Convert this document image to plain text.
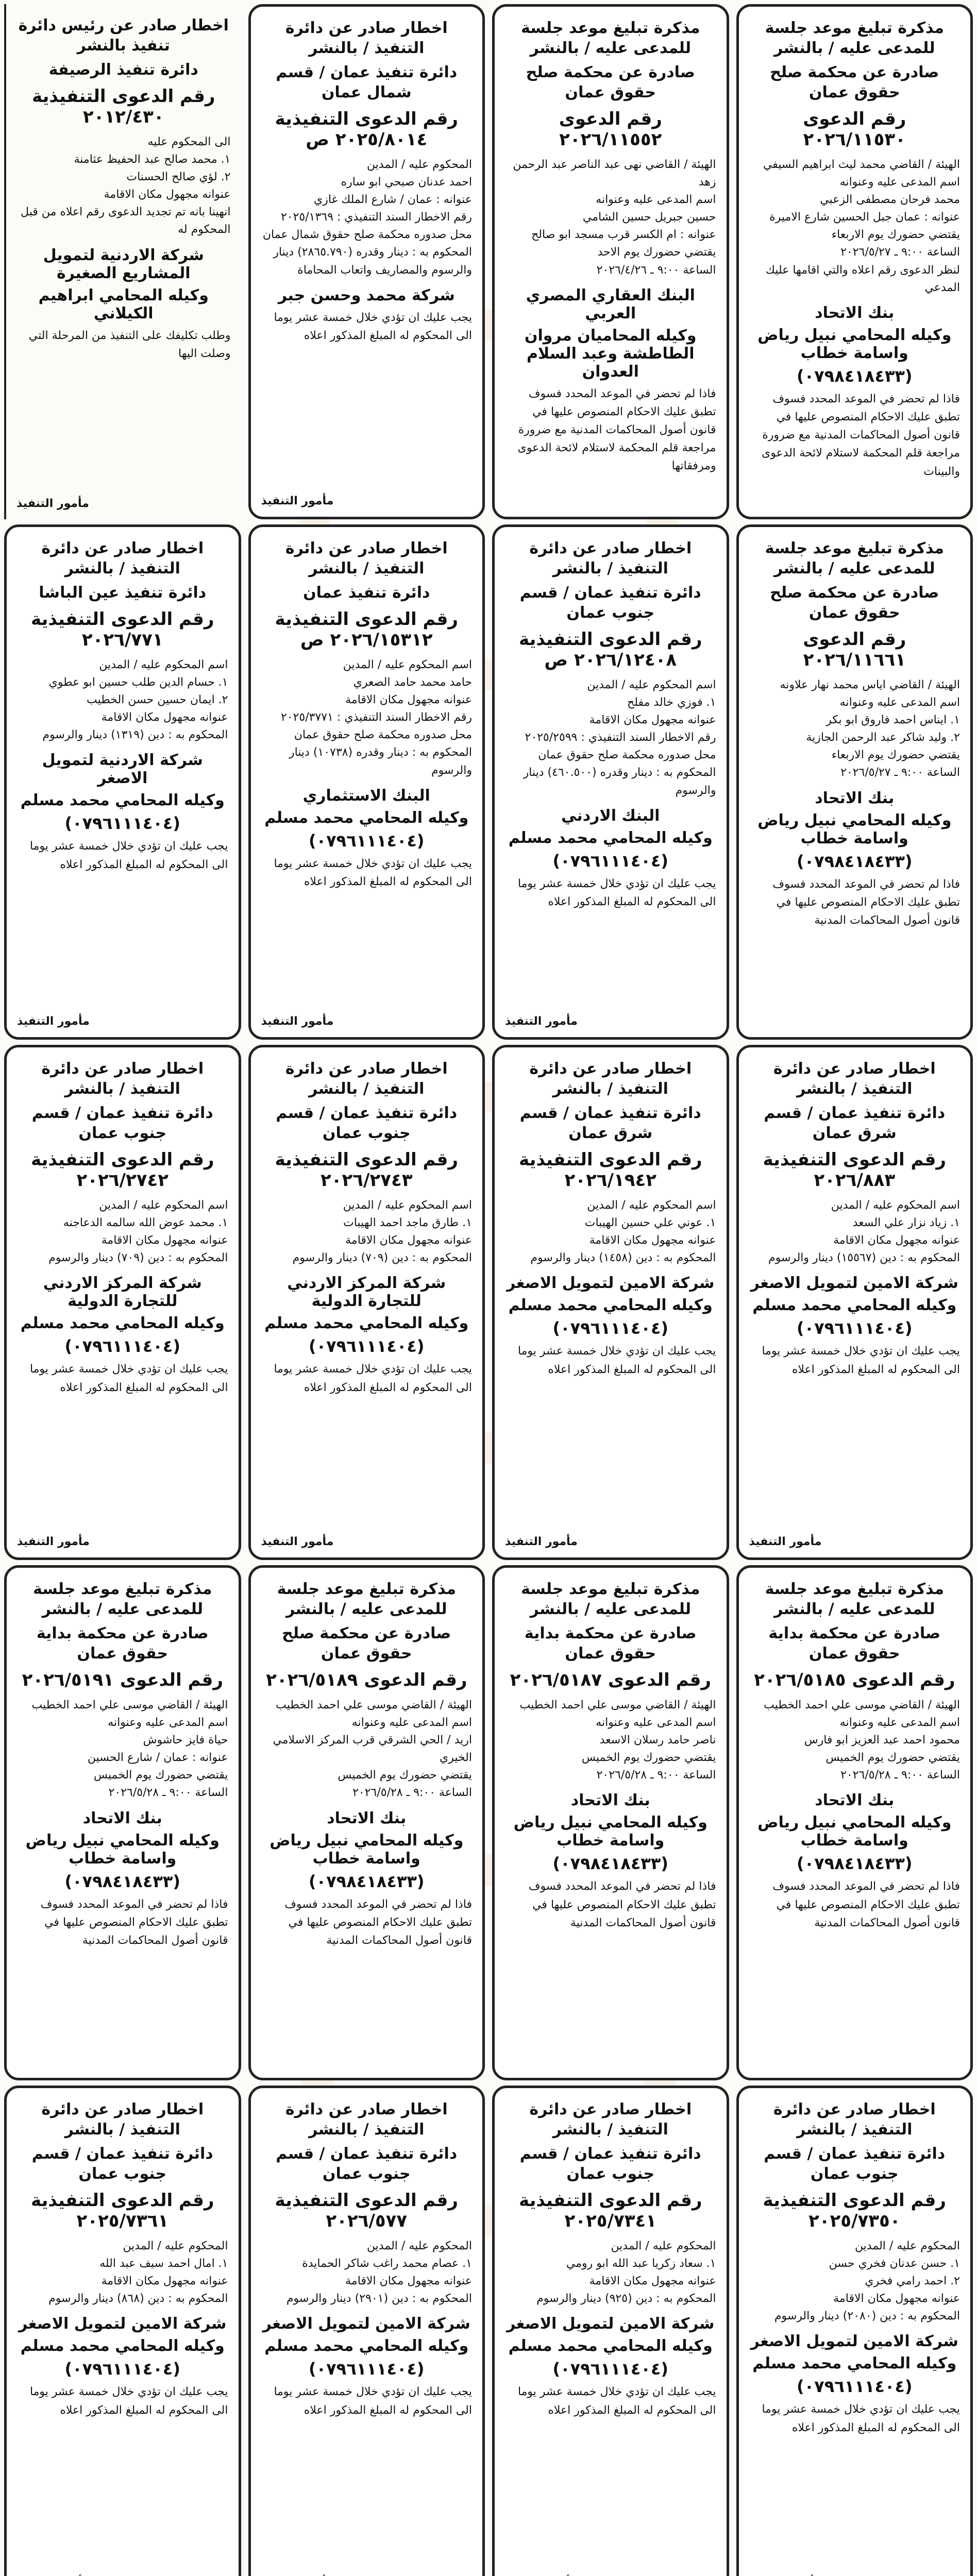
مذكرة تبليغ موعد جلسة للمدعى عليه / بالنشر
صادرة عن محكمة صلح حقوق عمان
رقم الدعوى ٢٠٢٦/١١٥٣٠
الهيئة / القاضي محمد ليث ابراهيم السيفي
اسم المدعى عليه وعنوانه
محمد فرحان مصطفى الزعبي
عنوانه : عمان جبل الحسين شارع الاميرة
يقتضي حضورك يوم الاربعاء
الساعة ٩:٠٠ ـ ٢٠٢٦/٥/٢٧
لنظر الدعوى رقم اعلاه والتي اقامها عليك المدعي
بنك الاتحاد
وكيله المحامي نبيل رياض واسامة خطاب
(٠٧٩٨٤١٨٤٣٣)
فاذا لم تحضر في الموعد المحدد فسوف تطبق عليك الاحكام المنصوص عليها في قانون أصول المحاكمات المدنية مع ضرورة مراجعة قلم المحكمة لاستلام لائحة الدعوى والبينات
مذكرة تبليغ موعد جلسة للمدعى عليه / بالنشر
صادرة عن محكمة صلح حقوق عمان
رقم الدعوى ٢٠٢٦/١١٥٥٢
الهيئة / القاضي نهى عبد الناصر عبد الرحمن زهد
اسم المدعى عليه وعنوانه
حسين جبريل حسين الشامي
عنوانه : ام الكسر قرب مسجد ابو صالح
يقتضي حضورك يوم الاحد
الساعة ٩:٠٠ ـ ٢٠٢٦/٤/٢٦
البنك العقاري المصري العربي
وكيله المحاميان مروان الطاطشة وعبد السلام العدوان
فاذا لم تحضر في الموعد المحدد فسوف تطبق عليك الاحكام المنصوص عليها في قانون أصول المحاكمات المدنية مع ضرورة مراجعة قلم المحكمة لاستلام لائحة الدعوى ومرفقاتها
اخطار صادر عن دائرة التنفيذ / بالنشر
دائرة تنفيذ عمان / قسم شمال عمان
رقم الدعوى التنفيذية ٢٠٢٥/٨٠١٤ ص
المحكوم عليه / المدين
احمد عدنان صبحي ابو ساره
عنوانه : عمان / شارع الملك غازي
رقم الاخطار السند التنفيذي : ٢٠٢٥/١٣٦٩
محل صدوره محكمة صلح حقوق شمال عمان
المحكوم به : دينار وقدره (٢٨٦٥.٧٩٠) دينار والرسوم والمصاريف واتعاب المحاماة
شركة محمد وحسن جبر
يجب عليك ان تؤدي خلال خمسة عشر يوما الى المحكوم له المبلغ المذكور اعلاه
مأمور التنفيذ
اخطار صادر عن رئيس دائرة تنفيذ بالنشر
دائرة تنفيذ الرصيفة
رقم الدعوى التنفيذية ٢٠١٢/٤٣٠
الى المحكوم عليه
١. محمد صالح عبد الحفيظ عثامنة
٢. لؤي صالح الحسنات
عنوانه مجهول مكان الاقامة
انهينا بانه تم تجديد الدعوى رقم اعلاه من قبل المحكوم له
شركة الاردنية لتمويل المشاريع الصغيرة
وكيله المحامي ابراهيم الكيلاني
وطلب تكليفك على التنفيذ من المرحلة التي وصلت اليها
مأمور التنفيذ
مذكرة تبليغ موعد جلسة للمدعى عليه / بالنشر
صادرة عن محكمة صلح حقوق عمان
رقم الدعوى ٢٠٢٦/١١٦٦١
الهيئة / القاضي اياس محمد نهار علاونه
اسم المدعى عليه وعنوانه
١. ايناس احمد فاروق ابو بكر
٢. وليد شاكر عبد الرحمن الجازية
يقتضي حضورك يوم الاربعاء
الساعة ٩:٠٠ ـ ٢٠٢٦/٥/٢٧
بنك الاتحاد
وكيله المحامي نبيل رياض واسامة خطاب
(٠٧٩٨٤١٨٤٣٣)
فاذا لم تحضر في الموعد المحدد فسوف تطبق عليك الاحكام المنصوص عليها في قانون أصول المحاكمات المدنية
اخطار صادر عن دائرة التنفيذ / بالنشر
دائرة تنفيذ عمان / قسم جنوب عمان
رقم الدعوى التنفيذية ٢٠٢٦/١٢٤٠٨ ص
اسم المحكوم عليه / المدين
١. فوزي خالد مفلح
عنوانه مجهول مكان الاقامة
رقم الاخطار السند التنفيذي : ٢٠٢٥/٢٥٩٩
محل صدوره محكمة صلح حقوق عمان
المحكوم به : دينار وقدره (٤٦٠.٥٠٠) دينار والرسوم
البنك الاردني
وكيله المحامي محمد مسلم
(٠٧٩٦١١١٤٠٤)
يجب عليك ان تؤدي خلال خمسة عشر يوما الى المحكوم له المبلغ المذكور اعلاه
مأمور التنفيذ
اخطار صادر عن دائرة التنفيذ / بالنشر
دائرة تنفيذ عمان
رقم الدعوى التنفيذية ٢٠٢٦/١٥٣١٢ ص
اسم المحكوم عليه / المدين
حامد محمد حامد الصعري
عنوانه مجهول مكان الاقامة
رقم الاخطار السند التنفيذي : ٢٠٢٥/٣٧٧١
محل صدوره محكمة صلح حقوق عمان
المحكوم به : دينار وقدره (١٠٧٣٨) دينار والرسوم
البنك الاستثماري
وكيله المحامي محمد مسلم
(٠٧٩٦١١١٤٠٤)
يجب عليك ان تؤدي خلال خمسة عشر يوما الى المحكوم له المبلغ المذكور اعلاه
مأمور التنفيذ
اخطار صادر عن دائرة التنفيذ / بالنشر
دائرة تنفيذ عين الباشا
رقم الدعوى التنفيذية ٢٠٢٦/٧٧١
اسم المحكوم عليه / المدين
١. حسام الدين طلب حسين ابو عطوي
٢. ايمان حسين حسن الخطيب
عنوانه مجهول مكان الاقامة
المحكوم به : دين (١٣١٩) دينار والرسوم
شركة الاردنية لتمويل الاصغر
وكيله المحامي محمد مسلم
(٠٧٩٦١١١٤٠٤)
يجب عليك ان تؤدي خلال خمسة عشر يوما الى المحكوم له المبلغ المذكور اعلاه
مأمور التنفيذ
اخطار صادر عن دائرة التنفيذ / بالنشر
دائرة تنفيذ عمان / قسم شرق عمان
رقم الدعوى التنفيذية ٢٠٢٦/٨٨٣
اسم المحكوم عليه / المدين
١. زياد نزار علي السعد
عنوانه مجهول مكان الاقامة
المحكوم به : دين (١٥٥٦٧) دينار والرسوم
شركة الامين لتمويل الاصغر
وكيله المحامي محمد مسلم
(٠٧٩٦١١١٤٠٤)
يجب عليك ان تؤدي خلال خمسة عشر يوما الى المحكوم له المبلغ المذكور اعلاه
مأمور التنفيذ
اخطار صادر عن دائرة التنفيذ / بالنشر
دائرة تنفيذ عمان / قسم شرق عمان
رقم الدعوى التنفيذية ٢٠٢٦/١٩٤٢
اسم المحكوم عليه / المدين
١. عوني علي حسين الهيبات
عنوانه مجهول مكان الاقامة
المحكوم به : دين (١٤٥٨) دينار والرسوم
شركة الامين لتمويل الاصغر
وكيله المحامي محمد مسلم
(٠٧٩٦١١١٤٠٤)
يجب عليك ان تؤدي خلال خمسة عشر يوما الى المحكوم له المبلغ المذكور اعلاه
مأمور التنفيذ
اخطار صادر عن دائرة التنفيذ / بالنشر
دائرة تنفيذ عمان / قسم جنوب عمان
رقم الدعوى التنفيذية ٢٠٢٦/٢٧٤٣
اسم المحكوم عليه / المدين
١. طارق ماجد احمد الهيبات
عنوانه مجهول مكان الاقامة
المحكوم به : دين (٧٠٩) دينار والرسوم
شركة المركز الاردني للتجارة الدولية
وكيله المحامي محمد مسلم
(٠٧٩٦١١١٤٠٤)
يجب عليك ان تؤدي خلال خمسة عشر يوما الى المحكوم له المبلغ المذكور اعلاه
مأمور التنفيذ
اخطار صادر عن دائرة التنفيذ / بالنشر
دائرة تنفيذ عمان / قسم جنوب عمان
رقم الدعوى التنفيذية ٢٠٢٦/٢٧٤٢
اسم المحكوم عليه / المدين
١. محمد عوض الله سالمه الدعاجنه
عنوانه مجهول مكان الاقامة
المحكوم به : دين (٧٠٩) دينار والرسوم
شركة المركز الاردني للتجارة الدولية
وكيله المحامي محمد مسلم
(٠٧٩٦١١١٤٠٤)
يجب عليك ان تؤدي خلال خمسة عشر يوما الى المحكوم له المبلغ المذكور اعلاه
مأمور التنفيذ
مذكرة تبليغ موعد جلسة للمدعى عليه / بالنشر
صادرة عن محكمة بداية حقوق عمان
رقم الدعوى ٢٠٢٦/٥١٨٥
الهيئة / القاضي موسى علي احمد الخطيب
اسم المدعى عليه وعنوانه
محمود احمد عبد العزيز ابو فارس
يقتضي حضورك يوم الخميس
الساعة ٩:٠٠ ـ ٢٠٢٦/٥/٢٨
بنك الاتحاد
وكيله المحامي نبيل رياض واسامة خطاب
(٠٧٩٨٤١٨٤٣٣)
فاذا لم تحضر في الموعد المحدد فسوف تطبق عليك الاحكام المنصوص عليها في قانون أصول المحاكمات المدنية
مذكرة تبليغ موعد جلسة للمدعى عليه / بالنشر
صادرة عن محكمة بداية حقوق عمان
رقم الدعوى ٢٠٢٦/٥١٨٧
الهيئة / القاضي موسى علي احمد الخطيب
اسم المدعى عليه وعنوانه
ناصر حامد رسلان الاسعد
يقتضي حضورك يوم الخميس
الساعة ٩:٠٠ ـ ٢٠٢٦/٥/٢٨
بنك الاتحاد
وكيله المحامي نبيل رياض واسامة خطاب
(٠٧٩٨٤١٨٤٣٣)
فاذا لم تحضر في الموعد المحدد فسوف تطبق عليك الاحكام المنصوص عليها في قانون أصول المحاكمات المدنية
مذكرة تبليغ موعد جلسة للمدعى عليه / بالنشر
صادرة عن محكمة صلح حقوق عمان
رقم الدعوى ٢٠٢٦/٥١٨٩
الهيئة / القاضي موسى علي احمد الخطيب
اسم المدعى عليه وعنوانه
اريد / الحي الشرقي قرب المركز الاسلامي الخيري
يقتضي حضورك يوم الخميس
الساعة ٩:٠٠ ـ ٢٠٢٦/٥/٢٨
بنك الاتحاد
وكيله المحامي نبيل رياض واسامة خطاب
(٠٧٩٨٤١٨٤٣٣)
فاذا لم تحضر في الموعد المحدد فسوف تطبق عليك الاحكام المنصوص عليها في قانون أصول المحاكمات المدنية
مذكرة تبليغ موعد جلسة للمدعى عليه / بالنشر
صادرة عن محكمة بداية حقوق عمان
رقم الدعوى ٢٠٢٦/٥١٩١
الهيئة / القاضي موسى علي احمد الخطيب
اسم المدعى عليه وعنوانه
حياة فايز حاشوش
عنوانه : عمان / شارع الحسين
يقتضي حضورك يوم الخميس
الساعة ٩:٠٠ ـ ٢٠٢٦/٥/٢٨
بنك الاتحاد
وكيله المحامي نبيل رياض واسامة خطاب
(٠٧٩٨٤١٨٤٣٣)
فاذا لم تحضر في الموعد المحدد فسوف تطبق عليك الاحكام المنصوص عليها في قانون أصول المحاكمات المدنية
اخطار صادر عن دائرة التنفيذ / بالنشر
دائرة تنفيذ عمان / قسم جنوب عمان
رقم الدعوى التنفيذية ٢٠٢٥/٧٣٥٠
المحكوم عليه / المدين
١. حسن عدنان فخري حسن
٢. احمد رامي فخري
عنوانه مجهول مكان الاقامة
المحكوم به : دين (٢٠٨٠) دينار والرسوم
شركة الامين لتمويل الاصغر
وكيله المحامي محمد مسلم
(٠٧٩٦١١١٤٠٤)
يجب عليك ان تؤدي خلال خمسة عشر يوما الى المحكوم له المبلغ المذكور اعلاه
اخطار صادر عن دائرة التنفيذ / بالنشر
دائرة تنفيذ عمان / قسم جنوب عمان
رقم الدعوى التنفيذية ٢٠٢٥/٧٣٤١
المحكوم عليه / المدين
١. سعاد زكريا عبد الله ابو رومي
عنوانه مجهول مكان الاقامة
المحكوم به : دين (٩٢٥) دينار والرسوم
شركة الامين لتمويل الاصغر
وكيله المحامي محمد مسلم
(٠٧٩٦١١١٤٠٤)
يجب عليك ان تؤدي خلال خمسة عشر يوما الى المحكوم له المبلغ المذكور اعلاه
اخطار صادر عن دائرة التنفيذ / بالنشر
دائرة تنفيذ عمان / قسم جنوب عمان
رقم الدعوى التنفيذية ٢٠٢٦/٥٧٧
المحكوم عليه / المدين
١. عصام محمد راغب شاكر الحمايدة
عنوانه مجهول مكان الاقامة
المحكوم به : دين (٢٩٠١) دينار والرسوم
شركة الامين لتمويل الاصغر
وكيله المحامي محمد مسلم
(٠٧٩٦١١١٤٠٤)
يجب عليك ان تؤدي خلال خمسة عشر يوما الى المحكوم له المبلغ المذكور اعلاه
اخطار صادر عن دائرة التنفيذ / بالنشر
دائرة تنفيذ عمان / قسم جنوب عمان
رقم الدعوى التنفيذية ٢٠٢٥/٧٣٦١
المحكوم عليه / المدين
١. امال احمد سيف عبد الله
عنوانه مجهول مكان الاقامة
المحكوم به : دين (٨٦٨) دينار والرسوم
شركة الامين لتمويل الاصغر
وكيله المحامي محمد مسلم
(٠٧٩٦١١١٤٠٤)
يجب عليك ان تؤدي خلال خمسة عشر يوما الى المحكوم له المبلغ المذكور اعلاه
